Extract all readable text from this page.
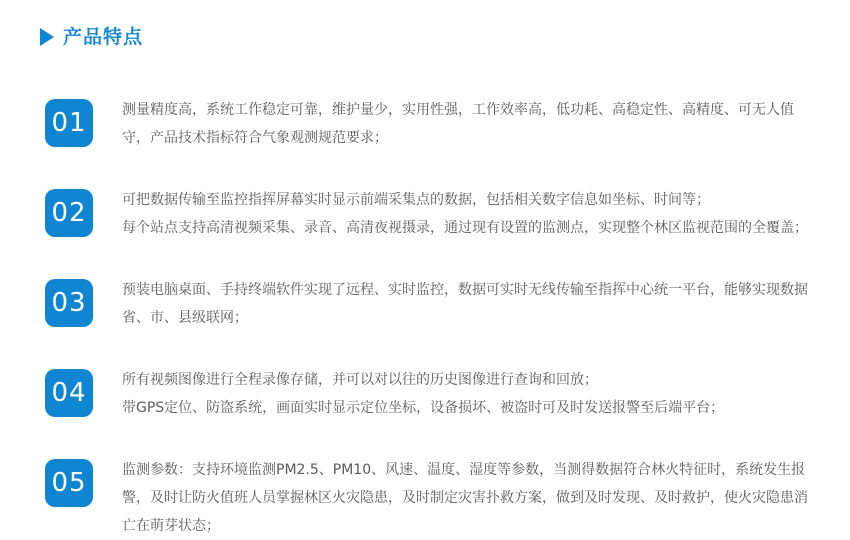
产品特点
01	测量精度高，系统工作稳定可靠，维护量少，实用性强，工作效率高，低功耗、高稳定性、高精度、可无人值守，产品技术指标符合气象观测规范要求；

02	可把数据传输至监控指挥屏幕实时显示前端采集点的数据，包括相关数字信息如坐标、时间等；

每个站点支持高清视频采集、录音、高清夜视摄录，通过现有设置的监测点，实现整个林区监视范围的全覆盖；

03	预装电脑桌面、手持终端软件实现了远程、实时监控，数据可实时无线传输至指挥中心统一平台，能够实现数据省、市、县级联网；

04	所有视频图像进行全程录像存储，并可以对以往的历史图像进行查询和回放；

带GPS定位、防盗系统，画面实时显示定位坐标，设备损坏、被盗时可及时发送报警至后端平台；

05	监测参数：支持环境监测PM2.5、PM10、风速、温度、湿度等参数，当测得数据符合林火特征时，系统发生报警，及时让防火值班人员掌握林区火灾隐患，及时制定灾害扑救方案，做到及时发现、及时救护，使火灾隐患消亡在萌芽状态；
